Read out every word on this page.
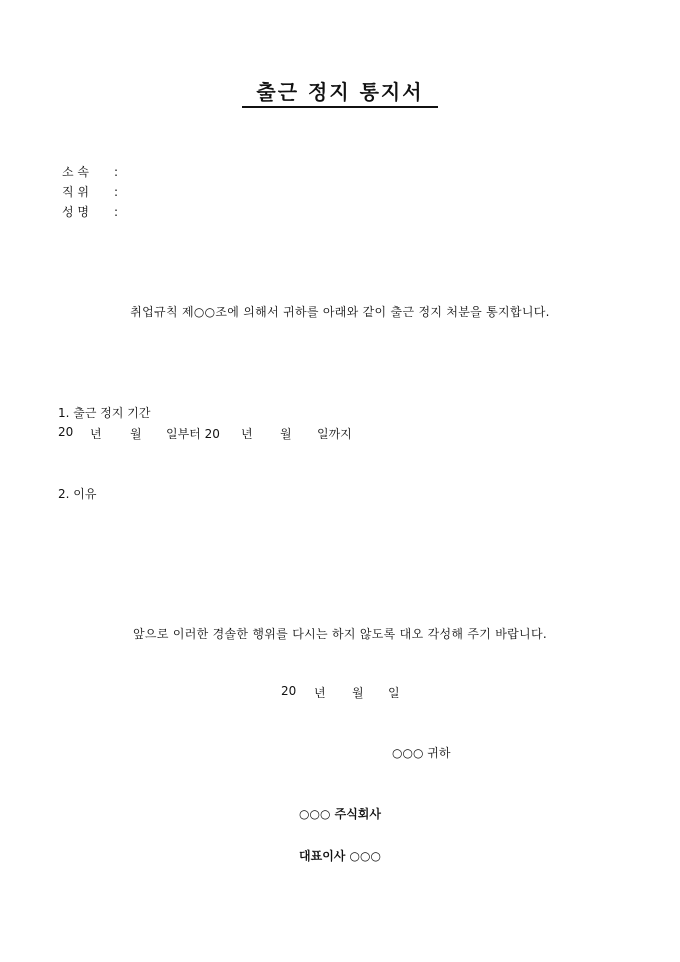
출근 정지 통지서
소 속 :
직 위 :
성 명 :
취업규칙 제○○조에 의해서 귀하를 아래와 같이 출근 정지 처분을 통지합니다.
1. 출근 정지 기간
20 년 월 일부터 20 년 월 일까지
2. 이유
앞으로 이러한 경솔한 행위를 다시는 하지 않도록 대오 각성해 주기 바랍니다.
20 년 월 일
○○○ 귀하
○○○ 주식회사
대표이사 ○○○
